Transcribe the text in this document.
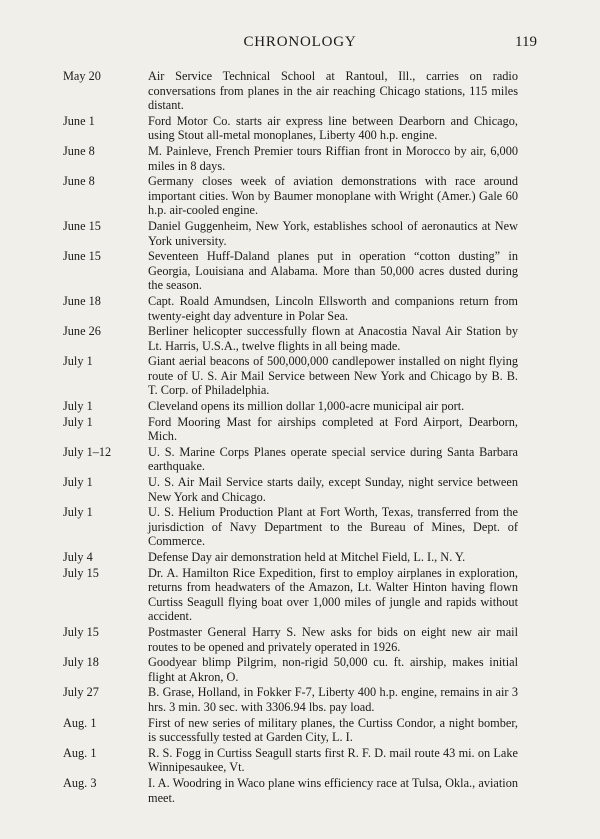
CHRONOLOGY	119
May 20	Air Service Technical School at Rantoul, Ill., carries on radio conversations from planes in the air reaching Chicago stations, 115 miles distant.
June 1	Ford Motor Co. starts air express line between Dearborn and Chicago, using Stout all-metal monoplanes, Liberty 400 h.p. engine.
June 8	M. Painleve, French Premier tours Riffian front in Morocco by air, 6,000 miles in 8 days.
June 8	Germany closes week of aviation demonstrations with race around important cities. Won by Baumer monoplane with Wright (Amer.) Gale 60 h.p. air-cooled engine.
June 15	Daniel Guggenheim, New York, establishes school of aeronautics at New York university.
June 15	Seventeen Huff-Daland planes put in operation “cotton dusting” in Georgia, Louisiana and Alabama. More than 50,000 acres dusted during the season.
June 18	Capt. Roald Amundsen, Lincoln Ellsworth and companions return from twenty-eight day adventure in Polar Sea.
June 26	Berliner helicopter successfully flown at Anacostia Naval Air Station by Lt. Harris, U.S.A., twelve flights in all being made.
July 1	Giant aerial beacons of 500,000,000 candlepower installed on night flying route of U. S. Air Mail Service between New York and Chicago by B. B. T. Corp. of Philadelphia.
July 1	Cleveland opens its million dollar 1,000-acre municipal air port.
July 1	Ford Mooring Mast for airships completed at Ford Airport, Dearborn, Mich.
July 1–12	U. S. Marine Corps Planes operate special service during Santa Barbara earthquake.
July 1	U. S. Air Mail Service starts daily, except Sunday, night service between New York and Chicago.
July 1	U. S. Helium Production Plant at Fort Worth, Texas, transferred from the jurisdiction of Navy Department to the Bureau of Mines, Dept. of Commerce.
July 4	Defense Day air demonstration held at Mitchel Field, L. I., N. Y.
July 15	Dr. A. Hamilton Rice Expedition, first to employ airplanes in exploration, returns from headwaters of the Amazon, Lt. Walter Hinton having flown Curtiss Seagull flying boat over 1,000 miles of jungle and rapids without accident.
July 15	Postmaster General Harry S. New asks for bids on eight new air mail routes to be opened and privately operated in 1926.
July 18	Goodyear blimp Pilgrim, non-rigid 50,000 cu. ft. airship, makes initial flight at Akron, O.
July 27	B. Grase, Holland, in Fokker F-7, Liberty 400 h.p. engine, remains in air 3 hrs. 3 min. 30 sec. with 3306.94 lbs. pay load.
Aug. 1	First of new series of military planes, the Curtiss Condor, a night bomber, is successfully tested at Garden City, L. I.
Aug. 1	R. S. Fogg in Curtiss Seagull starts first R. F. D. mail route 43 mi. on Lake Winnipesaukee, Vt.
Aug. 3	I. A. Woodring in Waco plane wins efficiency race at Tulsa, Okla., aviation meet.
